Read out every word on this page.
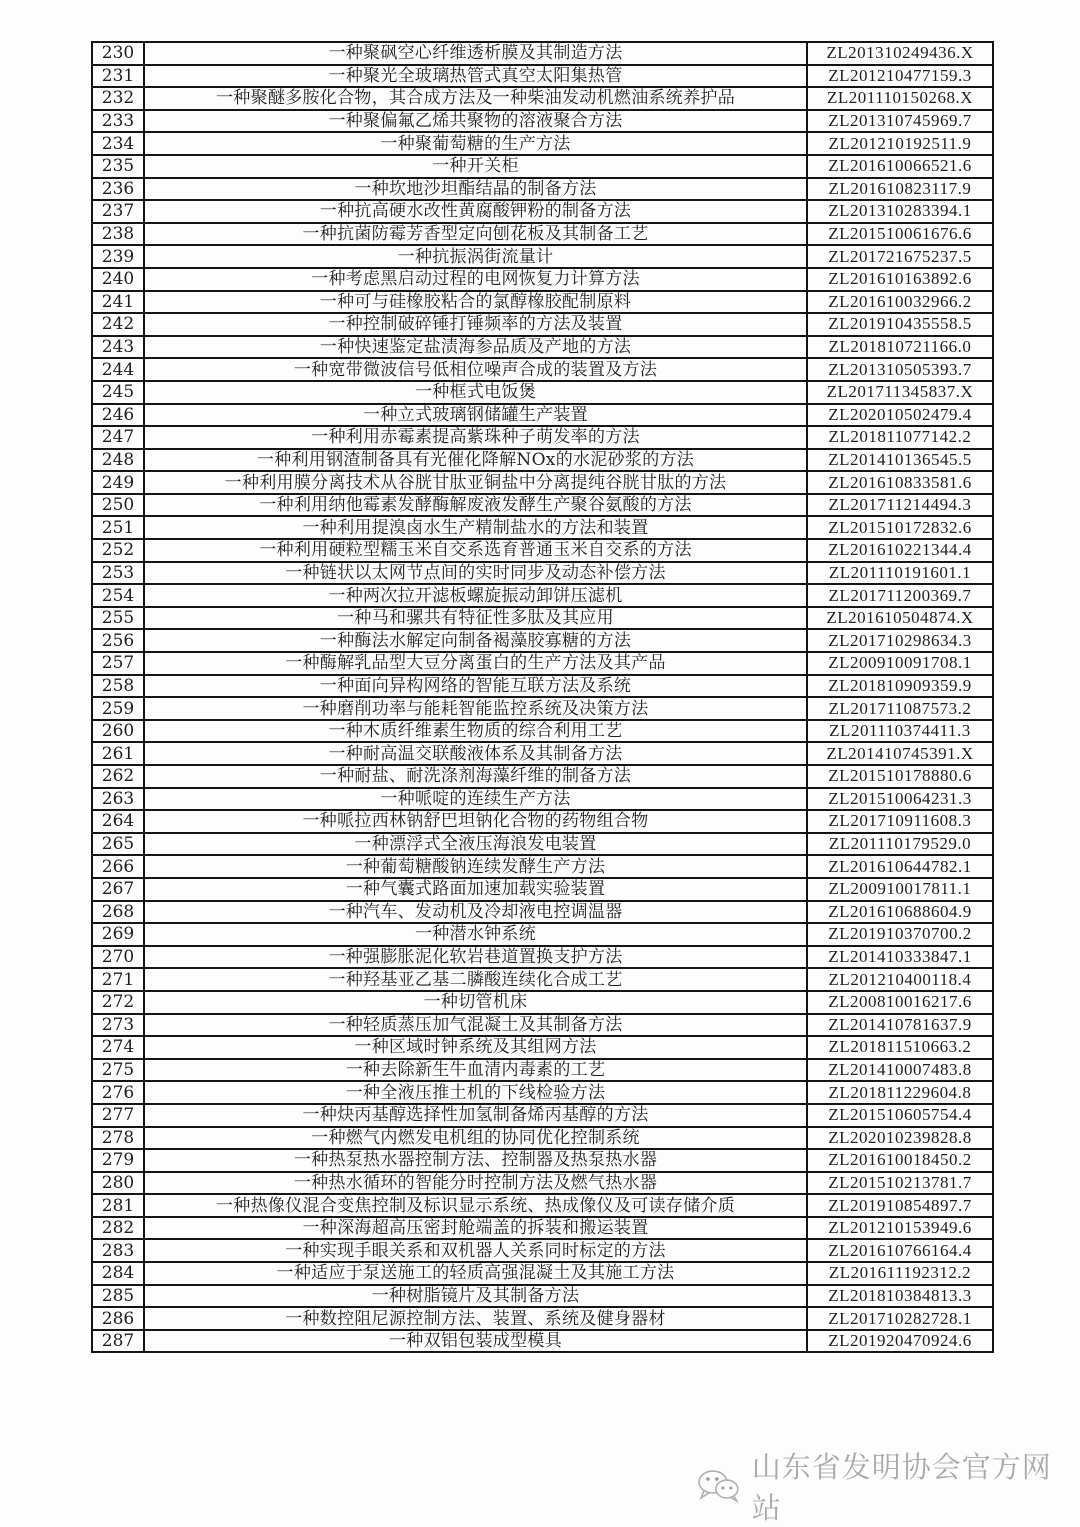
230	一种聚砜空心纤维透析膜及其制造方法	ZL201310249436.X
231	一种聚光全玻璃热管式真空太阳集热管	ZL201210477159.3
232	一种聚醚多胺化合物，其合成方法及一种柴油发动机燃油系统养护品	ZL201110150268.X
233	一种聚偏氟乙烯共聚物的溶液聚合方法	ZL201310745969.7
234	一种聚葡萄糖的生产方法	ZL201210192511.9
235	一种开关柜	ZL201610066521.6
236	一种坎地沙坦酯结晶的制备方法	ZL201610823117.9
237	一种抗高硬水改性黄腐酸钾粉的制备方法	ZL201310283394.1
238	一种抗菌防霉芳香型定向刨花板及其制备工艺	ZL201510061676.6
239	一种抗振涡街流量计	ZL201721675237.5
240	一种考虑黑启动过程的电网恢复力计算方法	ZL201610163892.6
241	一种可与硅橡胶粘合的氯醇橡胶配制原料	ZL201610032966.2
242	一种控制破碎锤打锤频率的方法及装置	ZL201910435558.5
243	一种快速鉴定盐渍海参品质及产地的方法	ZL201810721166.0
244	一种宽带微波信号低相位噪声合成的装置及方法	ZL201310505393.7
245	一种框式电饭煲	ZL201711345837.X
246	一种立式玻璃钢储罐生产装置	ZL202010502479.4
247	一种利用赤霉素提高紫珠种子萌发率的方法	ZL201811077142.2
248	一种利用钢渣制备具有光催化降解NOx的水泥砂浆的方法	ZL201410136545.5
249	一种利用膜分离技术从谷胱甘肽亚铜盐中分离提纯谷胱甘肽的方法	ZL201610833581.6
250	一种利用纳他霉素发酵酶解废液发酵生产聚谷氨酸的方法	ZL201711214494.3
251	一种利用提溴卤水生产精制盐水的方法和装置	ZL201510172832.6
252	一种利用硬粒型糯玉米自交系选育普通玉米自交系的方法	ZL201610221344.4
253	一种链状以太网节点间的实时同步及动态补偿方法	ZL201110191601.1
254	一种两次拉开滤板螺旋振动卸饼压滤机	ZL201711200369.7
255	一种马和骡共有特征性多肽及其应用	ZL201610504874.X
256	一种酶法水解定向制备褐藻胶寡糖的方法	ZL201710298634.3
257	一种酶解乳品型大豆分离蛋白的生产方法及其产品	ZL200910091708.1
258	一种面向异构网络的智能互联方法及系统	ZL201810909359.9
259	一种磨削功率与能耗智能监控系统及决策方法	ZL201711087573.2
260	一种木质纤维素生物质的综合利用工艺	ZL201110374411.3
261	一种耐高温交联酸液体系及其制备方法	ZL201410745391.X
262	一种耐盐、耐洗涤剂海藻纤维的制备方法	ZL201510178880.6
263	一种哌啶的连续生产方法	ZL201510064231.3
264	一种哌拉西林钠舒巴坦钠化合物的药物组合物	ZL201710911608.3
265	一种漂浮式全液压海浪发电装置	ZL201110179529.0
266	一种葡萄糖酸钠连续发酵生产方法	ZL201610644782.1
267	一种气囊式路面加速加载实验装置	ZL200910017811.1
268	一种汽车、发动机及冷却液电控调温器	ZL201610688604.9
269	一种潜水钟系统	ZL201910370700.2
270	一种强膨胀泥化软岩巷道置换支护方法	ZL201410333847.1
271	一种羟基亚乙基二膦酸连续化合成工艺	ZL201210400118.4
272	一种切管机床	ZL200810016217.6
273	一种轻质蒸压加气混凝土及其制备方法	ZL201410781637.9
274	一种区域时钟系统及其组网方法	ZL201811510663.2
275	一种去除新生牛血清内毒素的工艺	ZL201410007483.8
276	一种全液压推土机的下线检验方法	ZL201811229604.8
277	一种炔丙基醇选择性加氢制备烯丙基醇的方法	ZL201510605754.4
278	一种燃气内燃发电机组的协同优化控制系统	ZL202010239828.8
279	一种热泵热水器控制方法、控制器及热泵热水器	ZL201610018450.2
280	一种热水循环的智能分时控制方法及燃气热水器	ZL201510213781.7
281	一种热像仪混合变焦控制及标识显示系统、热成像仪及可读存储介质	ZL201910854897.7
282	一种深海超高压密封舱端盖的拆装和搬运装置	ZL201210153949.6
283	一种实现手眼关系和双机器人关系同时标定的方法	ZL201610766164.4
284	一种适应于泵送施工的轻质高强混凝土及其施工方法	ZL201611192312.2
285	一种树脂镜片及其制备方法	ZL201810384813.3
286	一种数控阻尼源控制方法、装置、系统及健身器材	ZL201710282728.1
287	一种双铝包装成型模具	ZL201920470924.6
山东省发明协会官方网站
